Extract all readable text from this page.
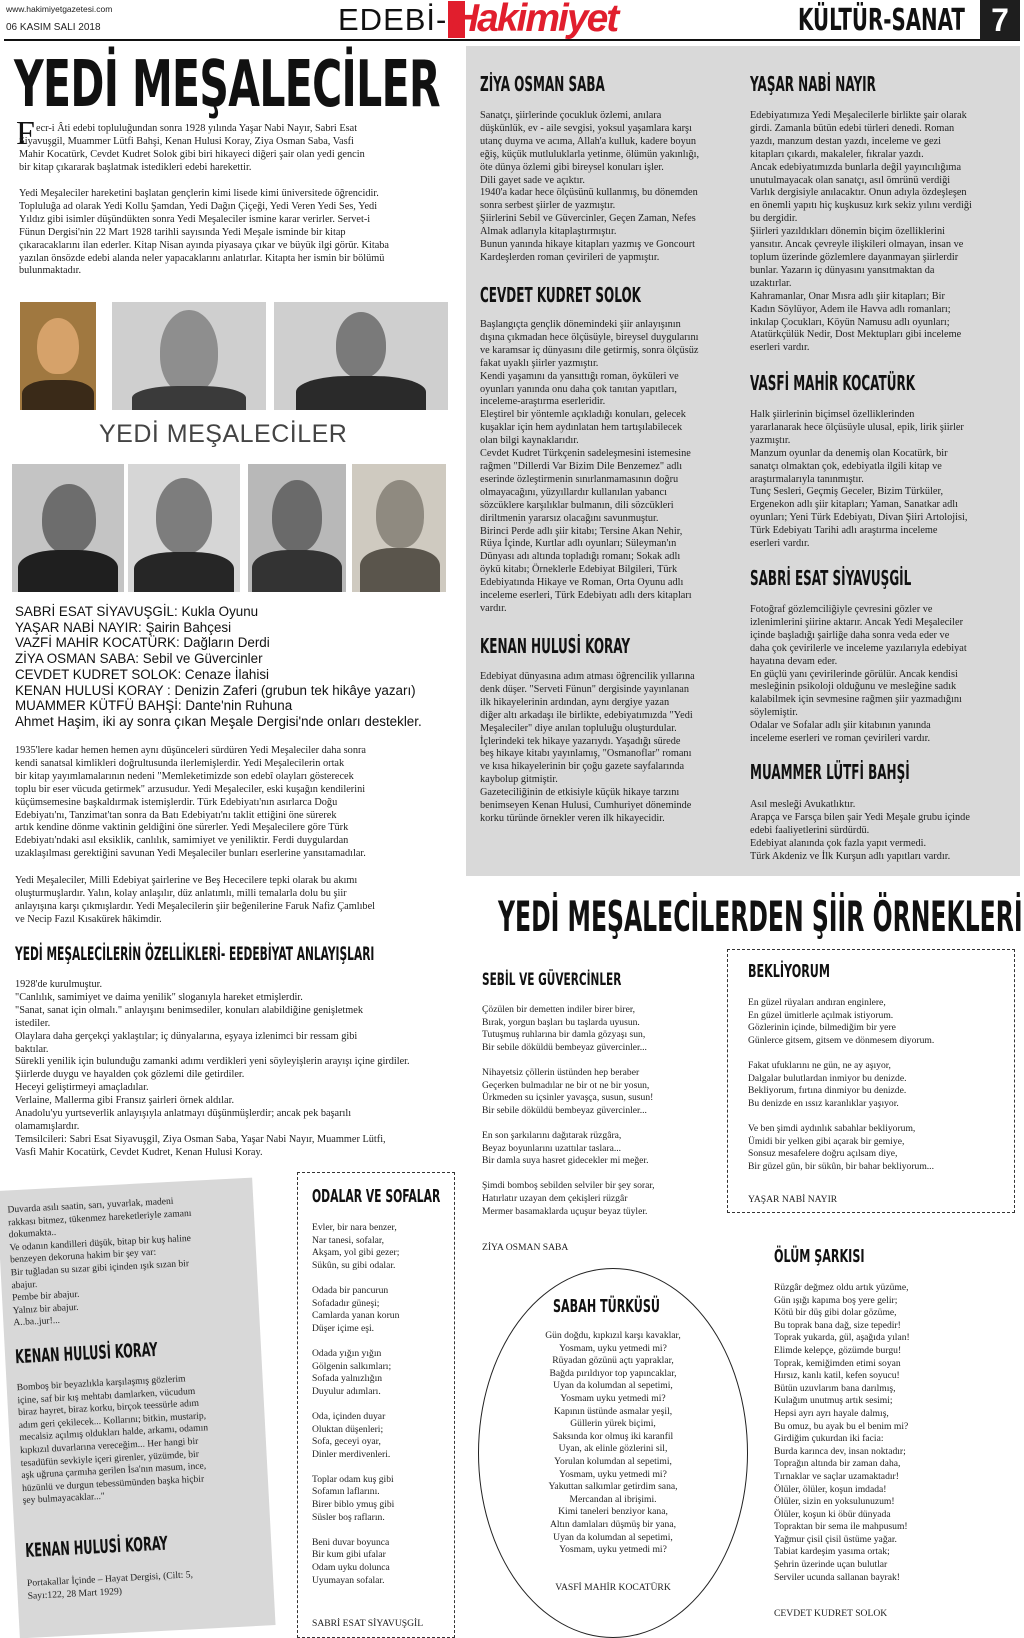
www.hakimiyetgazetesi.com
06 KASIM SALI 2018	EDEBİ- Hakimiyet	KÜLTÜR-SANAT 7
YEDİ MEŞALECİLER
F ecr-i Âti edebi topluluğundan sonra 1928 yılında Yaşar Nabi Nayır, Sabri Esat
Siyavuşgil, Muammer Lütfi Bahşi, Kenan Hulusi Koray, Ziya Osman Saba, Vasfi
Mahir Kocatürk, Cevdet Kudret Solok gibi biri hikayeci diğeri şair olan yedi gencin
bir kitap çıkararak başlatmak istedikleri edebi harekettir.
Yedi Meşaleciler hareketini başlatan gençlerin kimi lisede kimi üniversitede öğrencidir.
Topluluğa ad olarak Yedi Kollu Şamdan, Yedi Dağın Çiçeği, Yedi Veren Yedi Ses, Yedi
Yıldız gibi isimler düşündükten sonra Yedi Meşaleciler ismine karar verirler. Servet-i
Fünun Dergisi'nin 22 Mart 1928 tarihli sayısında Yedi Meşale isminde bir kitap
çıkaracaklarını ilan ederler. Kitap Nisan ayında piyasaya çıkar ve büyük ilgi görür. Kitaba
yazılan önsözde edebi alanda neler yapacaklarını anlatırlar. Kitapta her ismin bir bölümü
bulunmaktadır.
YEDİ MEŞALECİLER
SABRİ ESAT SİYAVUŞGİL: Kukla Oyunu
YAŞAR NABİ NAYIR: Şairin Bahçesi
VAZFİ MAHİR KOCATÜRK: Dağların Derdi
ZİYA OSMAN SABA: Sebil ve Güvercinler
CEVDET KUDRET SOLOK: Cenaze İlahisi
KENAN HULUSİ KORAY : Denizin Zaferi (grubun tek hikâye yazarı)
MUAMMER KÜTFÜ BAHŞİ: Dante'nin Ruhuna
Ahmet Haşim, iki ay sonra çıkan Meşale Dergisi'nde onları destekler.
1935'lere kadar hemen hemen aynı düşünceleri sürdüren Yedi Meşaleciler daha sonra
kendi sanatsal kimlikleri doğrultusunda ilerlemişlerdir. Yedi Meşalecilerin ortak
bir kitap yayımlamalarının nedeni "Memleketimizde son edebî olayları gösterecek
toplu bir eser vücuda getirmek" arzusudur. Yedi Meşaleciler, eski kuşağın kendilerini
küçümsemesine başkaldırmak istemişlerdir. Türk Edebiyatı'nın asırlarca Doğu
Edebiyatı'nı, Tanzimat'tan sonra da Batı Edebiyatı'nı taklit ettiğini öne sürerek
artık kendine dönme vaktinin geldiğini öne sürerler. Yedi Meşalecilere göre Türk
Edebiyatı'ndaki asıl eksiklik, canlılık, samimiyet ve yeniliktir. Ferdi duygulardan
uzaklaşılması gerektiğini savunan Yedi Meşaleciler bunları eserlerine yansıtamadılar.
Yedi Meşaleciler, Milli Edebiyat şairlerine ve Beş Hececilere tepki olarak bu akımı
oluşturmuşlardır. Yalın, kolay anlaşılır, düz anlatımlı, milli temalarla dolu bu şiir
anlayışına karşı çıkmışlardır. Yedi Meşalecilerin şiir beğenilerine Faruk Nafiz Çamlıbel
ve Necip Fazıl Kısakürek hâkimdir.
YEDİ MEŞALECİLERİN ÖZELLİKLERİ- EEDEBİYAT ANLAYIŞLARI
1928'de kurulmuştur.
"Canlılık, samimiyet ve daima yenilik" sloganıyla hareket etmişlerdir.
"Sanat, sanat için olmalı." anlayışını benimsediler, konuları alabildiğine genişletmek
istediler.
Olaylara daha gerçekçi yaklaştılar; iç dünyalarına, eşyaya izlenimci bir ressam gibi
baktılar.
Sürekli yenilik için bulunduğu zamanki adımı verdikleri yeni söyleyişlerin arayışı içine girdiler.
Şiirlerde duygu ve hayalden çok gözlemi dile getirdiler.
Heceyi geliştirmeyi amaçladılar.
Verlaine, Mallerma gibi Fransız şairleri örnek aldılar.
Anadolu'yu yurtseverlik anlayışıyla anlatmayı düşünmüşlerdir; ancak pek başarılı
olamamışlardır.
Temsilcileri: Sabri Esat Siyavuşgil, Ziya Osman Saba, Yaşar Nabi Nayır, Muammer Lütfi,
Vasfi Mahir Kocatürk, Cevdet Kudret, Kenan Hulusi Koray.
ZİYA OSMAN SABA
Sanatçı, şiirlerinde çocukluk özlemi, anılara
düşkünlük, ev - aile sevgisi, yoksul yaşamlara karşı
utanç duyma ve acıma, Allah'a kulluk, kadere boyun
eğiş, küçük mutluluklarla yetinme, ölümün yakınlığı,
öte dünya özlemi gibi bireysel konuları işler.
Dili gayet sade ve açıktır.
1940'a kadar hece ölçüsünü kullanmış, bu dönemden
sonra serbest şiirler de yazmıştır.
Şiirlerini Sebil ve Güvercinler, Geçen Zaman, Nefes
Almak adlarıyla kitaplaştırmıştır.
Bunun yanında hikaye kitapları yazmış ve Goncourt
Kardeşlerden roman çevirileri de yapmıştır.
CEVDET KUDRET SOLOK
Başlangıçta gençlik dönemindeki şiir anlayışının
dışına çıkmadan hece ölçüsüyle, bireysel duygularını
ve karamsar iç dünyasını dile getirmiş, sonra ölçüsüz
fakat uyaklı şiirler yazmıştır.
Kendi yaşamını da yansıttığı roman, öyküleri ve
oyunları yanında onu daha çok tanıtan yapıtları,
inceleme-araştırma eserleridir.
Eleştirel bir yöntemle açıkladığı konuları, gelecek
kuşaklar için hem aydınlatan hem tartışılabilecek
olan bilgi kaynaklarıdır.
Cevdet Kudret Türkçenin sadeleşmesini istemesine
rağmen "Dillerdi Var Bizim Dile Benzemez" adlı
eserinde özleştirmenin sınırlanmamasının doğru
olmayacağını, yüzyıllardır kullanılan yabancı
sözcüklere karşılıklar bulmanın, dili sözcükleri
diriltmenin yararsız olacağını savunmuştur.
Birinci Perde adlı şiir kitabı; Tersine Akan Nehir,
Rüya İçinde, Kurtlar adlı oyunları; Süleyman'ın
Dünyası adı altında topladığı romanı; Sokak adlı
öykü kitabı; Örneklerle Edebiyat Bilgileri, Türk
Edebiyatında Hikaye ve Roman, Orta Oyunu adlı
inceleme eserleri, Türk Edebiyatı adlı ders kitapları
vardır.
KENAN HULUSİ KORAY
Edebiyat dünyasına adım atması öğrencilik yıllarına
denk düşer. "Serveti Fünun" dergisinde yayınlanan
ilk hikayelerinin ardından, aynı dergiye yazan
diğer altı arkadaşı ile birlikte, edebiyatımızda "Yedi
Meşaleciler" diye anılan topluluğu oluşturdular.
İçlerindeki tek hikaye yazarıydı. Yaşadığı sürede
beş hikaye kitabı yayınlamış, "Osmanoflar" romanı
ve kısa hikayelerinin bir çoğu gazete sayfalarında
kaybolup gitmiştir.
Gazeteciliğinin de etkisiyle küçük hikaye tarzını
benimseyen Kenan Hulusi, Cumhuriyet döneminde
korku türünde örnekler veren ilk hikayecidir.
YAŞAR NABİ NAYIR
Edebiyatımıza Yedi Meşalecilerle birlikte şair olarak
girdi. Zamanla bütün edebi türleri denedi. Roman
yazdı, manzum destan yazdı, inceleme ve gezi
kitapları çıkardı, makaleler, fıkralar yazdı.
Ancak edebiyatımızda bunlarla değil yayıncılığıma
unutulmayacak olan sanatçı, asıl ömrünü verdiği
Varlık dergisiyle anılacaktır. Onun adıyla özdeşleşen
en önemli yapıtı hiç kuşkusuz kırk sekiz yılını verdiği
bu dergidir.
Şiirleri yazıldıkları dönemin biçim özelliklerini
yansıtır. Ancak çevreyle ilişkileri olmayan, insan ve
toplum üzerinde gözlemlere dayanmayan şiirlerdir
bunlar. Yazarın iç dünyasını yansıtmaktan da
uzaktırlar.
Kahramanlar, Onar Mısra adlı şiir kitapları; Bir
Kadın Söylüyor, Adem ile Havva adlı romanları;
inkılap Çocukları, Köyün Namusu adlı oyunları;
Atatürkçülük Nedir, Dost Mektupları gibi inceleme
eserleri vardır.
VASFİ MAHİR KOCATÜRK
Halk şiirlerinin biçimsel özelliklerinden
yararlanarak hece ölçüsüyle ulusal, epik, lirik şiirler
yazmıştır.
Manzum oyunlar da denemiş olan Kocatürk, bir
sanatçı olmaktan çok, edebiyatla ilgili kitap ve
araştırmalarıyla tanınmıştır.
Tunç Sesleri, Geçmiş Geceler, Bizim Türküler,
Ergenekon adlı şiir kitapları; Yaman, Sanatkar adlı
oyunları; Yeni Türk Edebiyatı, Divan Şiiri Artolojisi,
Türk Edebiyatı Tarihi adlı araştırma inceleme
eserleri vardır.
SABRİ ESAT SİYAVUŞGİL
Fotoğraf gözlemciliğiyle çevresini gözler ve
izlenimlerini şiirine aktarır. Ancak Yedi Meşaleciler
içinde başladığı şairliğe daha sonra veda eder ve
daha çok çevirilerle ve inceleme yazılarıyla edebiyat
hayatına devam eder.
En güçlü yanı çevirilerinde görülür. Ancak kendisi
mesleğinin psikoloji olduğunu ve mesleğine sadık
kalabilmek için sevmesine rağmen şiir yazmadığını
söylemiştir.
Odalar ve Sofalar adlı şiir kitabının yanında
inceleme eserleri ve roman çevirileri vardır.
MUAMMER LÜTFİ BAHŞİ
Asıl mesleği Avukatlıktır.
Arapça ve Farsça bilen şair Yedi Meşale grubu içinde
edebi faaliyetlerini sürdürdü.
Edebiyat alanında çok fazla yapıt vermedi.
Türk Akdeniz ve İlk Kurşun adlı yapıtları vardır.
YEDİ MEŞALECİLERDEN ŞİİR ÖRNEKLERİ
SEBİL VE GÜVERCİNLER
Çözülen bir demetten indiler birer birer,
Bırak, yorgun başları bu taşlarda uyusun.
Tutuşmuş ruhlarına bir damla gözyaşı sun,
Bir sebile döküldü bembeyaz güvercinler...

Nihayetsiz çöllerin üstünden hep beraber
Geçerken bulmadılar ne bir ot ne bir yosun,
Ürkmeden su içsinler yavaşça, susun, susun!
Bir sebile döküldü bembeyaz güvercinler...

En son şarkılarını dağıtarak rüzgâra,
Beyaz boyunlarını uzattılar taslara...
Bir damla suya hasret gidecekler mi meğer.

Şimdi bomboş sebilden selviler bir şey sorar,
Hatırlatır uzayan dem çekişleri rüzgâr
Mermer basamaklarda uçuşur beyaz tüyler.
ZİYA OSMAN SABA
BEKLİYORUM
En güzel rüyaları andıran enginlere,
En güzel ümitlerle açılmak istiyorum.
Gözlerinin içinde, bilmediğim bir yere
Günlerce gitsem, gitsem ve dönmesem diyorum.

Fakat ufuklarını ne gün, ne ay aşıyor,
Dalgalar bulutlardan inmiyor bu denizde.
Bekliyorum, fırtına dinmiyor bu denizde.
Bu denizde en ıssız karanlıklar yaşıyor.

Ve ben şimdi aydınlık sabahlar bekliyorum,
Ümidi bir yelken gibi açarak bir gemiye,
Sonsuz mesafelere doğru açılsam diye,
Bir güzel gün, bir sükûn, bir bahar bekliyorum...
YAŞAR NABİ NAYIR
ÖLÜM ŞARKISI
Rüzgâr değmez oldu artık yüzüme,
Gün ışığı kapıma boş yere gelir;
Kötü bir düş gibi dolar gözüme,
Bu toprak bana dağ, size tepedir!
Toprak yukarda, gül, aşağıda yılan!
Elimde kelepçe, gözümde burgu!
Toprak, kemiğimden etimi soyan
Hırsız, kanlı katil, kefen soyucu!
Bütün uzuvlarım bana darılmış,
Kulağım unutmuş artık sesimi;
Hepsi ayrı ayrı hayale dalmış,
Bu omuz, bu ayak bu el benim mi?
Girdiğim çukurdan iki facia:
Burda karınca dev, insan noktadır;
Toprağın altında bir zaman daha,
Tırnaklar ve saçlar uzamaktadır!
Ölüler, ölüler, koşun imdada!
Ölüler, sizin en yoksulunuzum!
Ölüler, koşun ki öbür dünyada
Topraktan bir sema ile mahpusum!
Yağmur çisil çisil üstüme yağar.
Tabiat kardeşim yasıma ortak;
Şehrin üzerinde uçan bulutlar
Serviler ucunda sallanan bayrak!
CEVDET KUDRET SOLOK
SABAH TÜRKÜSÜ
Gün doğdu, kıpkızıl karşı kavaklar,
Yosmam, uyku yetmedi mi?
Rüyadan gözünü açtı yapraklar,
Bağda pırıldıyor top yapıncaklar,
Uyan da kolumdan al sepetimi,
Yosmam uyku yetmedi mi?
Kapının üstünde asmalar yeşil,
Güllerin yürek biçimi,
Saksında kor olmuş iki karanfil
Uyan, ak elinle gözlerini sil,
Yorulan kolumdan al sepetimi,
Yosmam, uyku yetmedi mi?
Yakuttan salkımlar getirdim sana,
Mercandan al ibrişimi.
Kimi taneleri benziyor kana,
Altın damlaları düşmüş bir yana,
Uyan da kolumdan al sepetimi,
Yosmam, uyku yetmedi mi?
VASFİ MAHİR KOCATÜRK
ODALAR VE SOFALAR
Evler, bir nara benzer,
Nar tanesi, sofalar,
Akşam, yol gibi gezer;
Sükûn, su gibi odalar.

Odada bir pancurun
Sofadadır güneşi;
Camlarda yanan korun
Düşer içime eşi.

Odada yığın yığın
Gölgenin salkımları;
Sofada yalnızlığın
Duyulur adımları.

Oda, içinden duyar
Oluktan düşenleri;
Sofa, geceyi oyar,
Dinler merdivenleri.

Toplar odam kuş gibi
Sofamın laflarını.
Birer biblo ymuş gibi
Süsler boş rafların.

Beni duvar boyunca
Bir kum gibi ufalar
Odam uyku dolunca
Uyumayan sofalar.
SABRİ ESAT SİYAVUŞGİL
Duvarda asılı saatin, sarı, yuvarlak, madeni
rakkası bitmez, tükenmez hareketleriyle zamanı
dokumakta..
Ve odanın kandilleri düşük, bitap bir kuş haline
benzeyen dekoruna hakim bir şey var:
Bir tuğladan su sızar gibi içinden ışık sızan bir
abajur.
Pembe bir abajur.
Yalnız bir abajur.
A..ba..jur!...
KENAN HULUSİ KORAY
Bomboş bir beyazlıkla karşılaşmış gözlerim
içine, saf bir kış mehtabı damlarken, vücudum
biraz hayret, biraz korku, birçok teessürle adım
adım geri çekilecek... Kollarını; bitkin, mustarip,
mecalsiz açılmış oldukları halde, arkamı, odamın
kıpkızıl duvarlarına vereceğim... Her hangi bir
tesadüfün sevkiyle içeri girenler, yüzümde, bir
aşk uğruna çarmıha gerilen İsa'nın masum, ince,
hüzünlü ve durgun tebessümünden başka hiçbir
şey bulmayacaklar..."
KENAN HULUSİ KORAY
Portakallar İçinde – Hayat Dergisi, (Cilt: 5,
Sayı:122, 28 Mart 1929)
